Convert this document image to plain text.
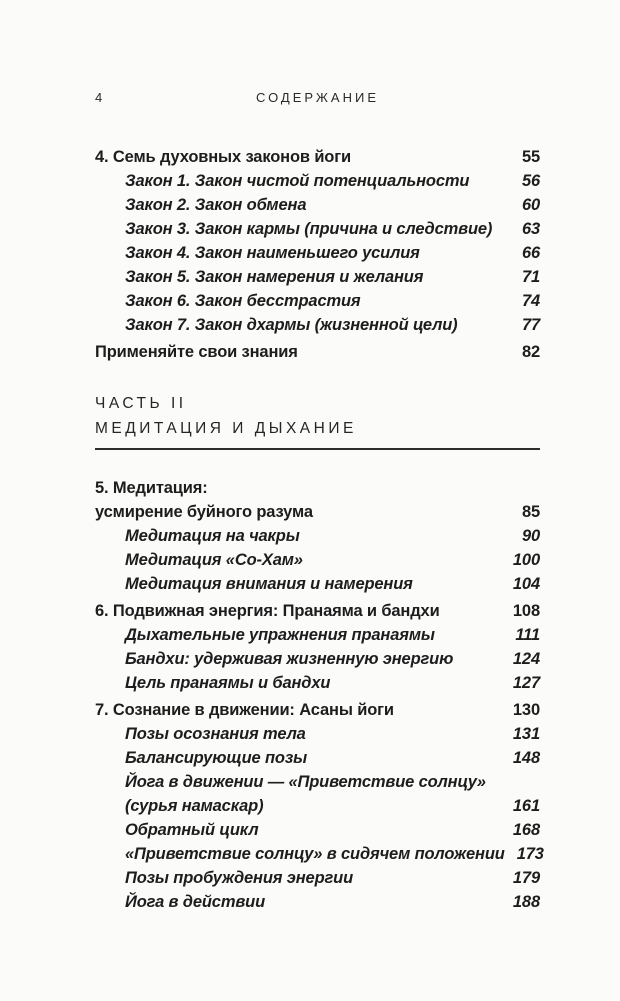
4	СОДЕРЖАНИЕ
4. Семь духовных законов йоги	55
Закон 1. Закон чистой потенциальности	56
Закон 2. Закон обмена	60
Закон 3. Закон кармы (причина и следствие)	63
Закон 4. Закон наименьшего усилия	66
Закон 5. Закон намерения и желания	71
Закон 6. Закон бесстрастия	74
Закон 7. Закон дхармы (жизненной цели)	77
Применяйте свои знания	82
ЧАСТЬ II
МЕДИТАЦИЯ И ДЫХАНИЕ
5. Медитация:
усмирение буйного разума	85
Медитация на чакры	90
Медитация «Со-Хам»	100
Медитация внимания и намерения	104
6. Подвижная энергия: Пранаяма и бандхи	108
Дыхательные упражнения пранаямы	111
Бандхи: удерживая жизненную энергию	124
Цель пранаямы и бандхи	127
7. Сознание в движении: Асаны йоги	130
Позы осознания тела	131
Балансирующие позы	148
Йога в движении — «Приветствие солнцу»
(сурья намаскар)	161
Обратный цикл	168
«Приветствие солнцу» в сидячем положении 173
Позы пробуждения энергии	179
Йога в действии	188
